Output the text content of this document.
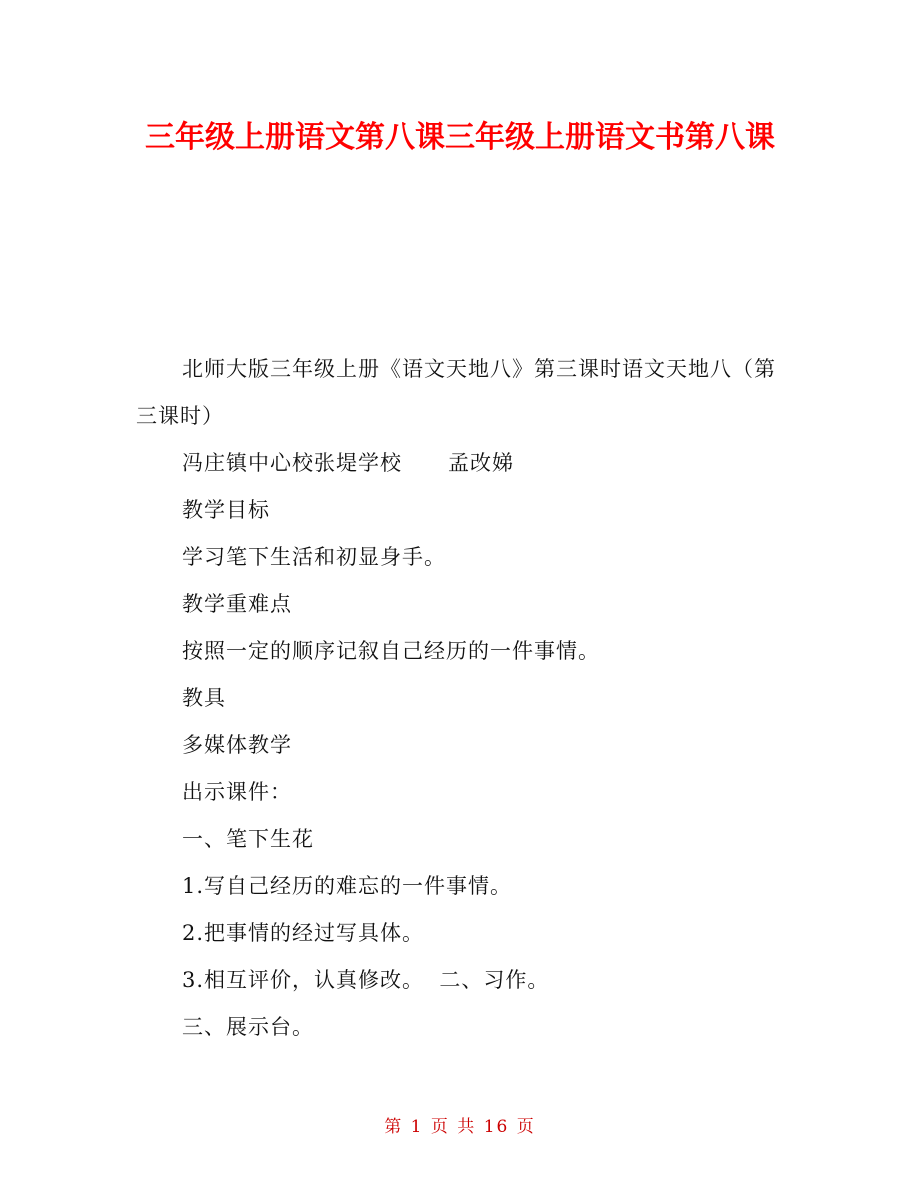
三年级上册语文第八课三年级上册语文书第八课

北师大版三年级上册《语文天地八》第三课时语文天地八（第三课时）

冯庄镇中心校张堤学校      孟改娣

教学目标

学习笔下生活和初显身手。

教学重难点

按照一定的顺序记叙自己经历的一件事情。

教具

多媒体教学

出示课件：

一、笔下生花

1.写自己经历的难忘的一件事情。

2.把事情的经过写具体。

3.相互评价，认真修改。  二、习作。

三、展示台。

第 1 页 共 16 页
